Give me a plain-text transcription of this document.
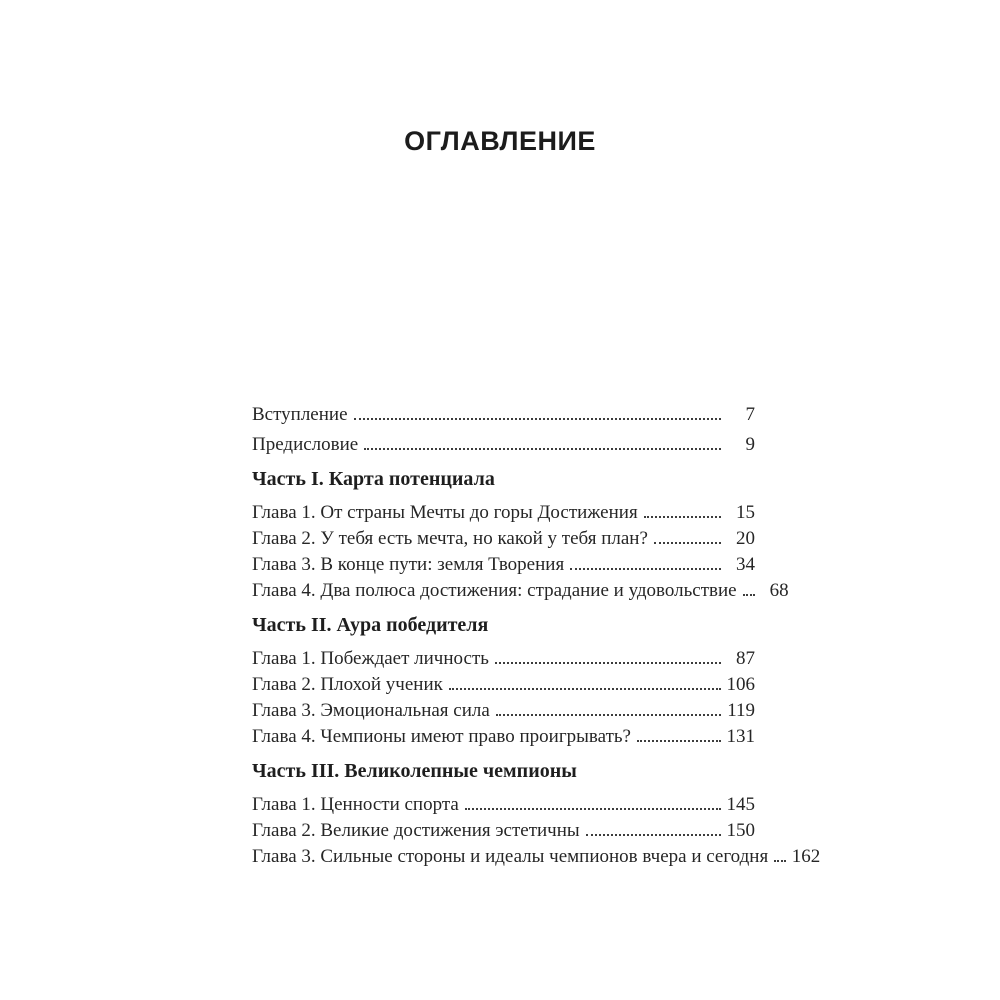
ОГЛАВЛЕНИЕ
Вступление	7
Предисловие	9
Часть I. Карта потенциала
Глава 1. От страны Мечты до горы Достижения	15
Глава 2. У тебя есть мечта, но какой у тебя план?	20
Глава 3. В конце пути: земля Творения	34
Глава 4. Два полюса достижения: страдание и удовольствие	68
Часть II. Аура победителя
Глава 1. Побеждает личность	87
Глава 2. Плохой ученик	106
Глава 3. Эмоциональная сила	119
Глава 4. Чемпионы имеют право проигрывать?	131
Часть III. Великолепные чемпионы
Глава 1. Ценности спорта	145
Глава 2. Великие достижения эстетичны	150
Глава 3. Сильные стороны и идеалы чемпионов вчера и сегодня 162
